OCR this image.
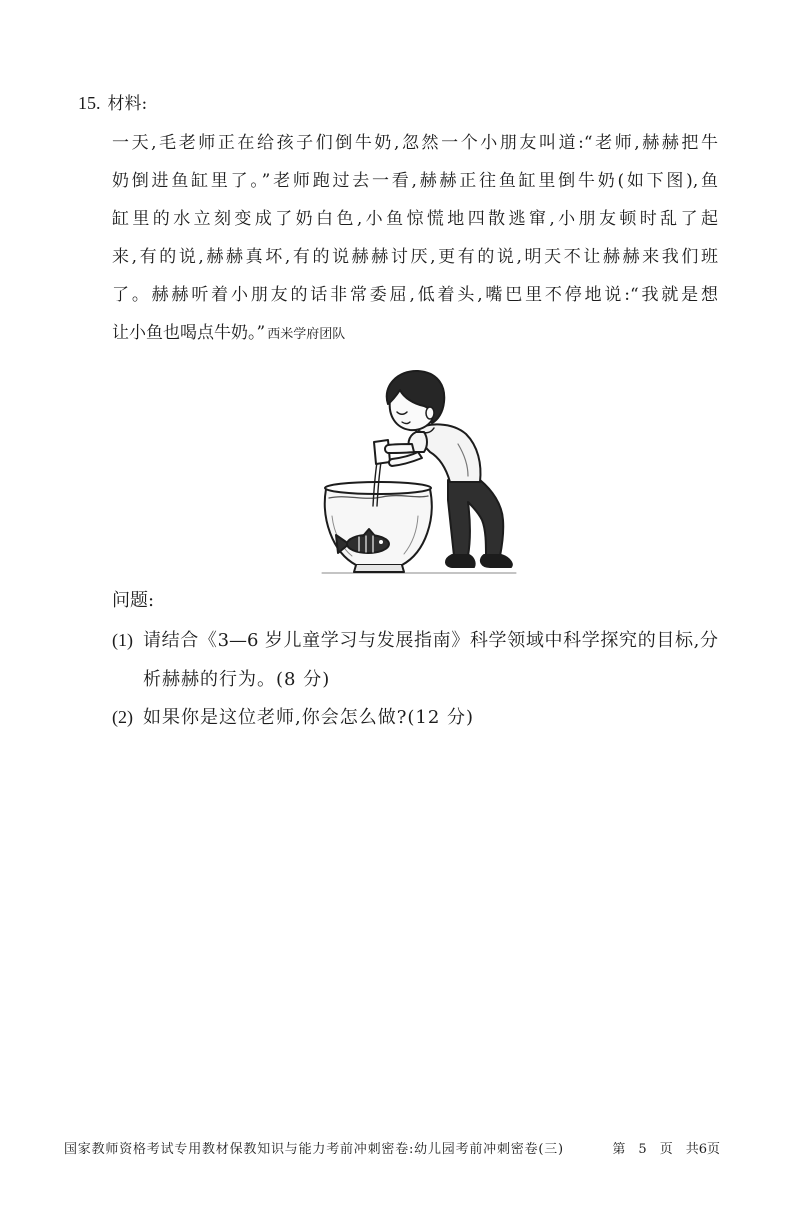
15. 材料:
一天,毛老师正在给孩子们倒牛奶,忽然一个小朋友叫道:“老师,赫赫把牛
奶倒进鱼缸里了。”老师跑过去一看,赫赫正往鱼缸里倒牛奶(如下图),鱼
缸里的水立刻变成了奶白色,小鱼惊慌地四散逃窜,小朋友顿时乱了起
来,有的说,赫赫真坏,有的说赫赫讨厌,更有的说,明天不让赫赫来我们班
了。赫赫听着小朋友的话非常委屈,低着头,嘴巴里不停地说:“我就是想
让小鱼也喝点牛奶。” 西米学府团队
问题:
(1) 请结合《3—6 岁儿童学习与发展指南》科学领域中科学探究的目标,分
析赫赫的行为。(8 分)
(2) 如果你是这位老师,你会怎么做?(12 分)
国家教师资格考试专用教材保教知识与能力考前冲刺密卷:幼儿园考前冲刺密卷(三)	第 5 页 共6页
